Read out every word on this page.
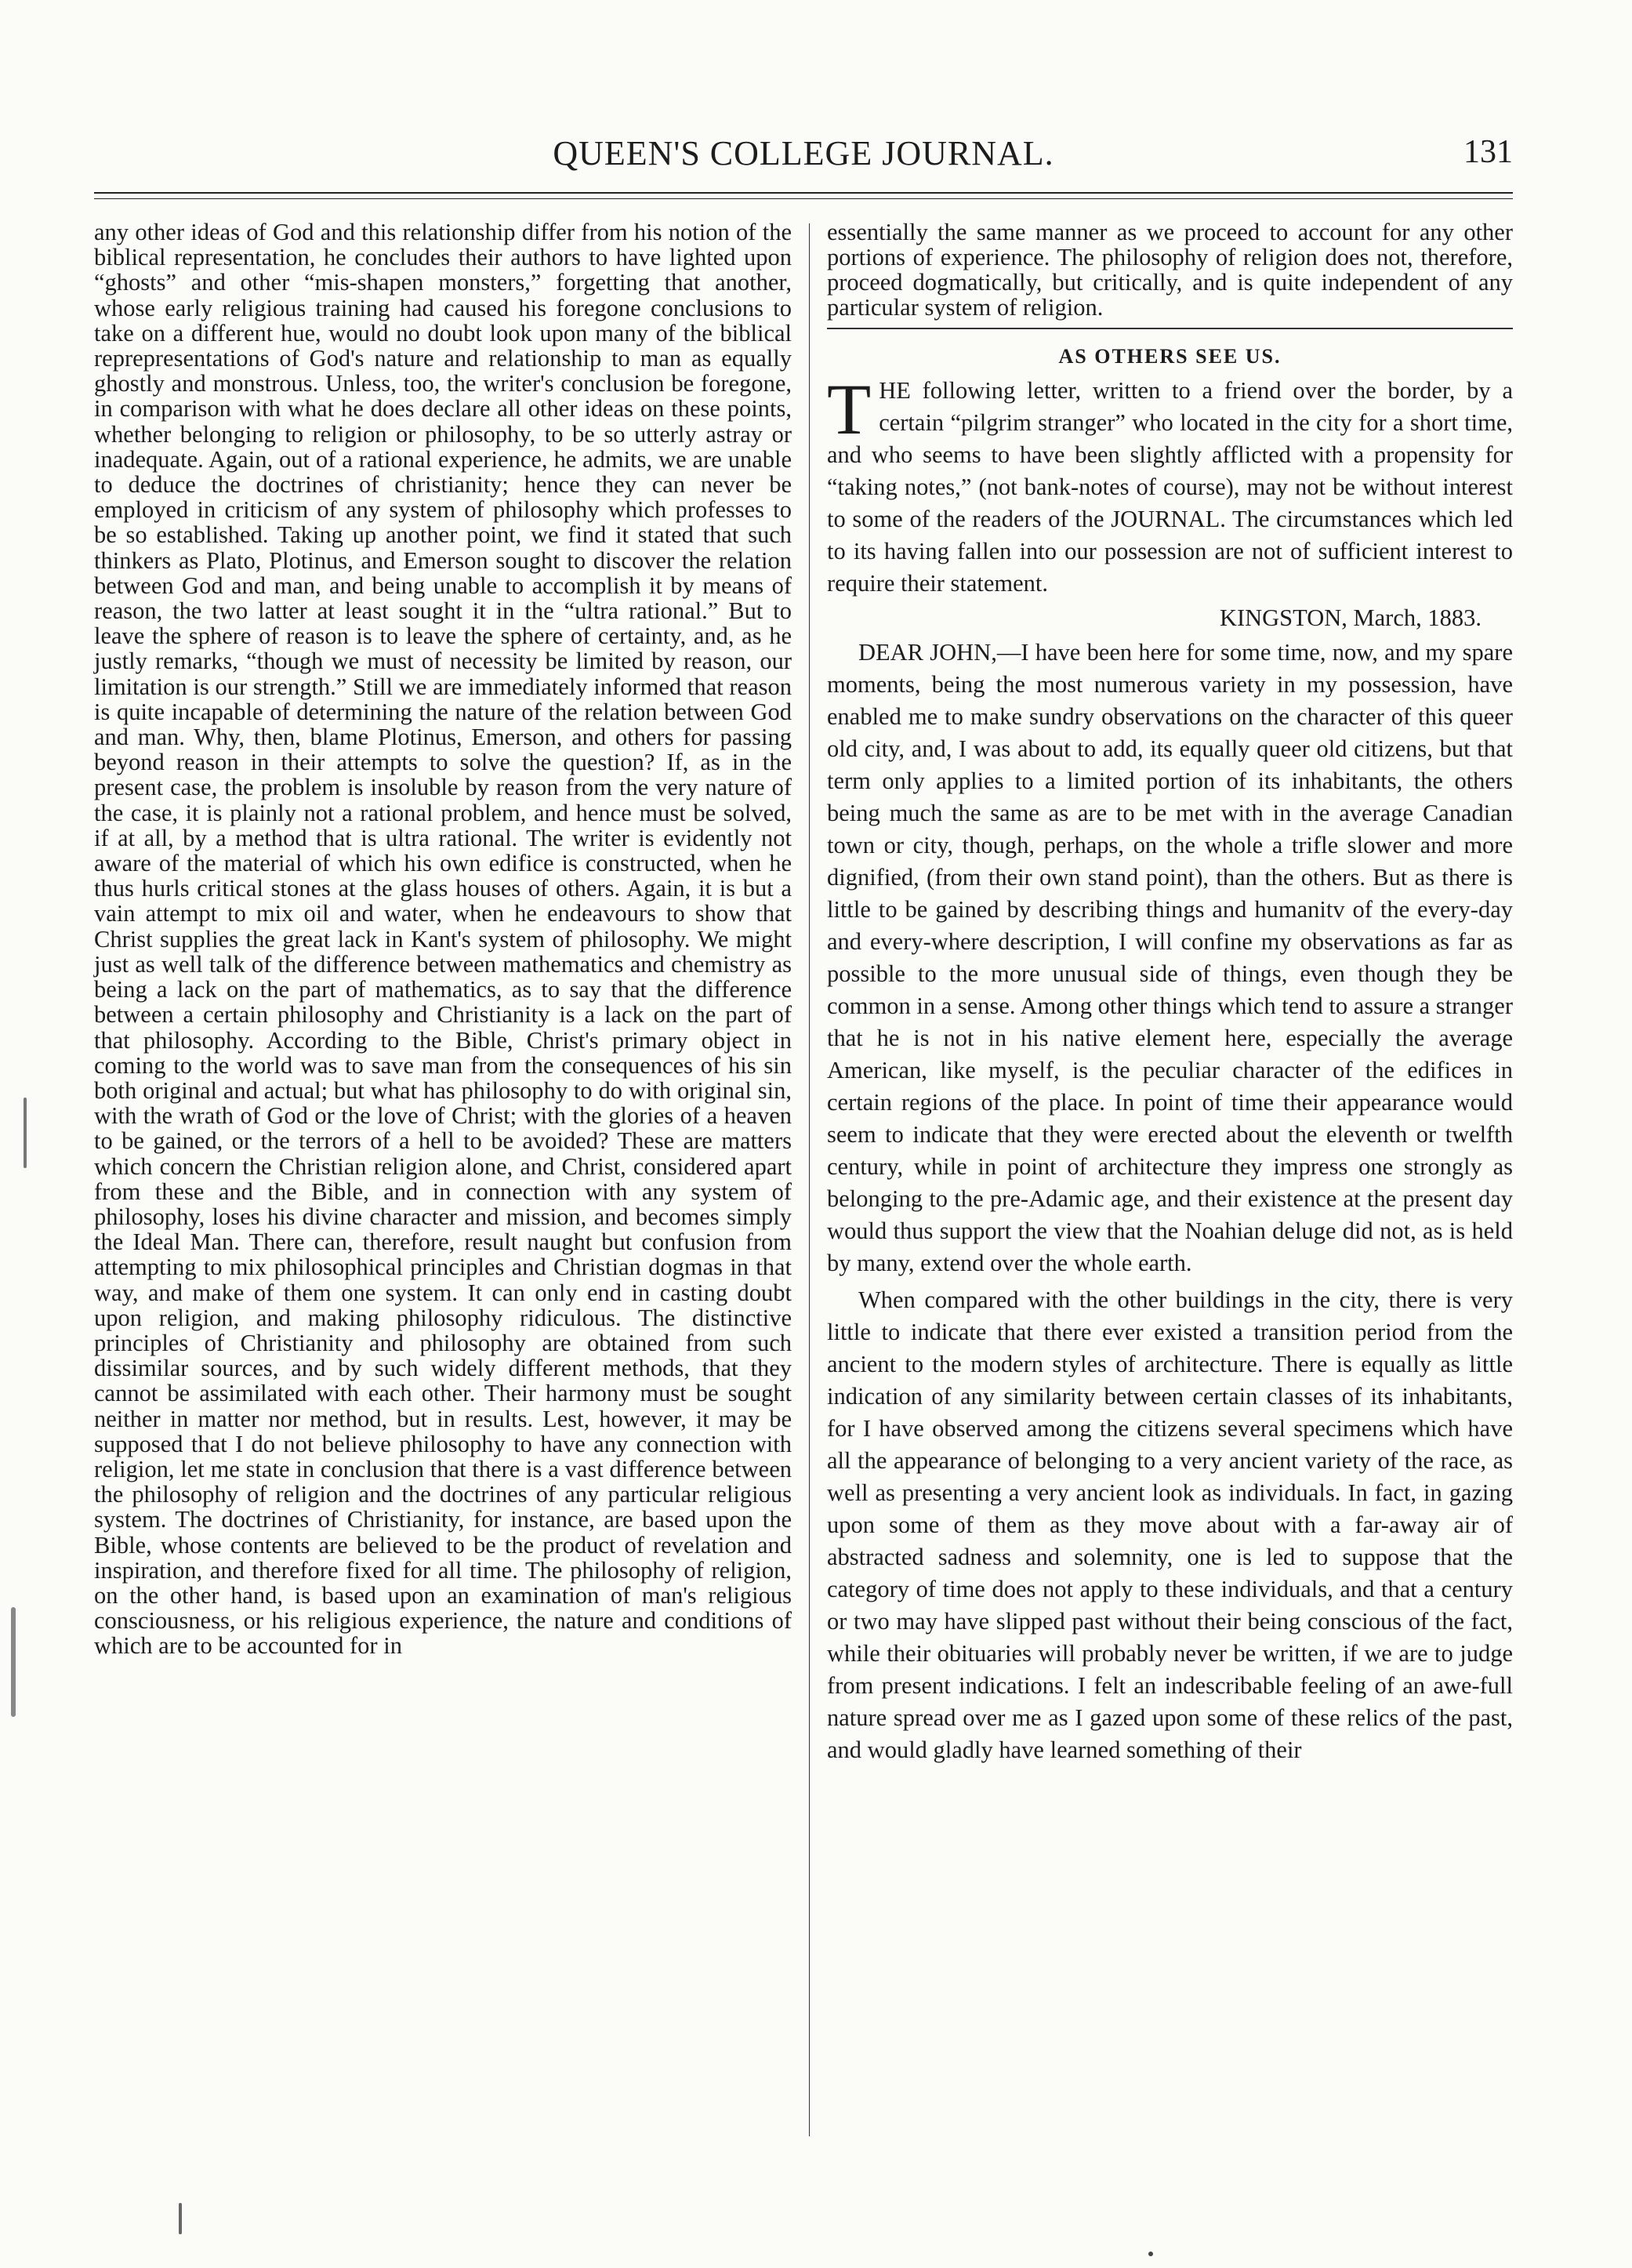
QUEEN'S COLLEGE JOURNAL.	131

any other ideas of God and this relationship differ from his notion of the biblical representation, he concludes their authors to have lighted upon “ghosts” and other “mis-shapen monsters,” forgetting that another, whose early religious training had caused his foregone conclusions to take on a different hue, would no doubt look upon many of the biblical reprepresentations of God's nature and relationship to man as equally ghostly and monstrous. Unless, too, the writer's conclusion be foregone, in comparison with what he does declare all other ideas on these points, whether belonging to religion or philosophy, to be so utterly astray or inadequate. Again, out of a rational experience, he admits, we are unable to deduce the doctrines of christianity; hence they can never be employed in criticism of any system of philosophy which professes to be so established. Taking up another point, we find it stated that such thinkers as Plato, Plotinus, and Emerson sought to discover the relation between God and man, and being unable to accomplish it by means of reason, the two latter at least sought it in the “ultra rational.” But to leave the sphere of reason is to leave the sphere of certainty, and, as he justly remarks, “though we must of necessity be limited by reason, our limitation is our strength.” Still we are immediately informed that reason is quite incapable of determining the nature of the relation between God and man. Why, then, blame Plotinus, Emerson, and others for passing beyond reason in their attempts to solve the question? If, as in the present case, the problem is insoluble by reason from the very nature of the case, it is plainly not a rational problem, and hence must be solved, if at all, by a method that is ultra rational. The writer is evidently not aware of the material of which his own edifice is constructed, when he thus hurls critical stones at the glass houses of others. Again, it is but a vain attempt to mix oil and water, when he endeavours to show that Christ supplies the great lack in Kant's system of philosophy. We might just as well talk of the difference between mathematics and chemistry as being a lack on the part of mathematics, as to say that the difference between a certain philosophy and Christianity is a lack on the part of that philosophy. According to the Bible, Christ's primary object in coming to the world was to save man from the consequences of his sin both original and actual; but what has philosophy to do with original sin, with the wrath of God or the love of Christ; with the glories of a heaven to be gained, or the terrors of a hell to be avoided? These are matters which concern the Christian religion alone, and Christ, considered apart from these and the Bible, and in connection with any system of philosophy, loses his divine character and mission, and becomes simply the Ideal Man. There can, therefore, result naught but confusion from attempting to mix philosophical principles and Christian dogmas in that way, and make of them one system. It can only end in casting doubt upon religion, and making philosophy ridiculous. The distinctive principles of Christianity and philosophy are obtained from such dissimilar sources, and by such widely different methods, that they cannot be assimilated with each other. Their harmony must be sought neither in matter nor method, but in results. Lest, however, it may be supposed that I do not believe philosophy to have any connection with religion, let me state in conclusion that there is a vast difference between the philosophy of religion and the doctrines of any particular religious system. The doctrines of Christianity, for instance, are based upon the Bible, whose contents are believed to be the product of revelation and inspiration, and therefore fixed for all time. The philosophy of religion, on the other hand, is based upon an examination of man's religious consciousness, or his religious experience, the nature and conditions of which are to be accounted for in

essentially the same manner as we proceed to account for any other portions of experience. The philosophy of religion does not, therefore, proceed dogmatically, but critically, and is quite independent of any particular system of religion.

AS OTHERS SEE US.

THE following letter, written to a friend over the border, by a certain “pilgrim stranger” who located in the city for a short time, and who seems to have been slightly afflicted with a propensity for “taking notes,” (not bank-notes of course), may not be without interest to some of the readers of the JOURNAL. The circumstances which led to its having fallen into our possession are not of sufficient interest to require their statement.

KINGSTON, March, 1883.

DEAR JOHN,—I have been here for some time, now, and my spare moments, being the most numerous variety in my possession, have enabled me to make sundry observations on the character of this queer old city, and, I was about to add, its equally queer old citizens, but that term only applies to a limited portion of its inhabitants, the others being much the same as are to be met with in the average Canadian town or city, though, perhaps, on the whole a trifle slower and more dignified, (from their own stand point), than the others. But as there is little to be gained by describing things and humanitv of the every-day and every-where description, I will confine my observations as far as possible to the more unusual side of things, even though they be common in a sense. Among other things which tend to assure a stranger that he is not in his native element here, especially the average American, like myself, is the peculiar character of the edifices in certain regions of the place. In point of time their appearance would seem to indicate that they were erected about the eleventh or twelfth century, while in point of architecture they impress one strongly as belonging to the pre-Adamic age, and their existence at the present day would thus support the view that the Noahian deluge did not, as is held by many, extend over the whole earth.

When compared with the other buildings in the city, there is very little to indicate that there ever existed a transition period from the ancient to the modern styles of architecture. There is equally as little indication of any similarity between certain classes of its inhabitants, for I have observed among the citizens several specimens which have all the appearance of belonging to a very ancient variety of the race, as well as presenting a very ancient look as individuals. In fact, in gazing upon some of them as they move about with a far-away air of abstracted sadness and solemnity, one is led to suppose that the category of time does not apply to these individuals, and that a century or two may have slipped past without their being conscious of the fact, while their obituaries will probably never be written, if we are to judge from present indications. I felt an indescribable feeling of an awe-full nature spread over me as I gazed upon some of these relics of the past, and would gladly have learned something of their
